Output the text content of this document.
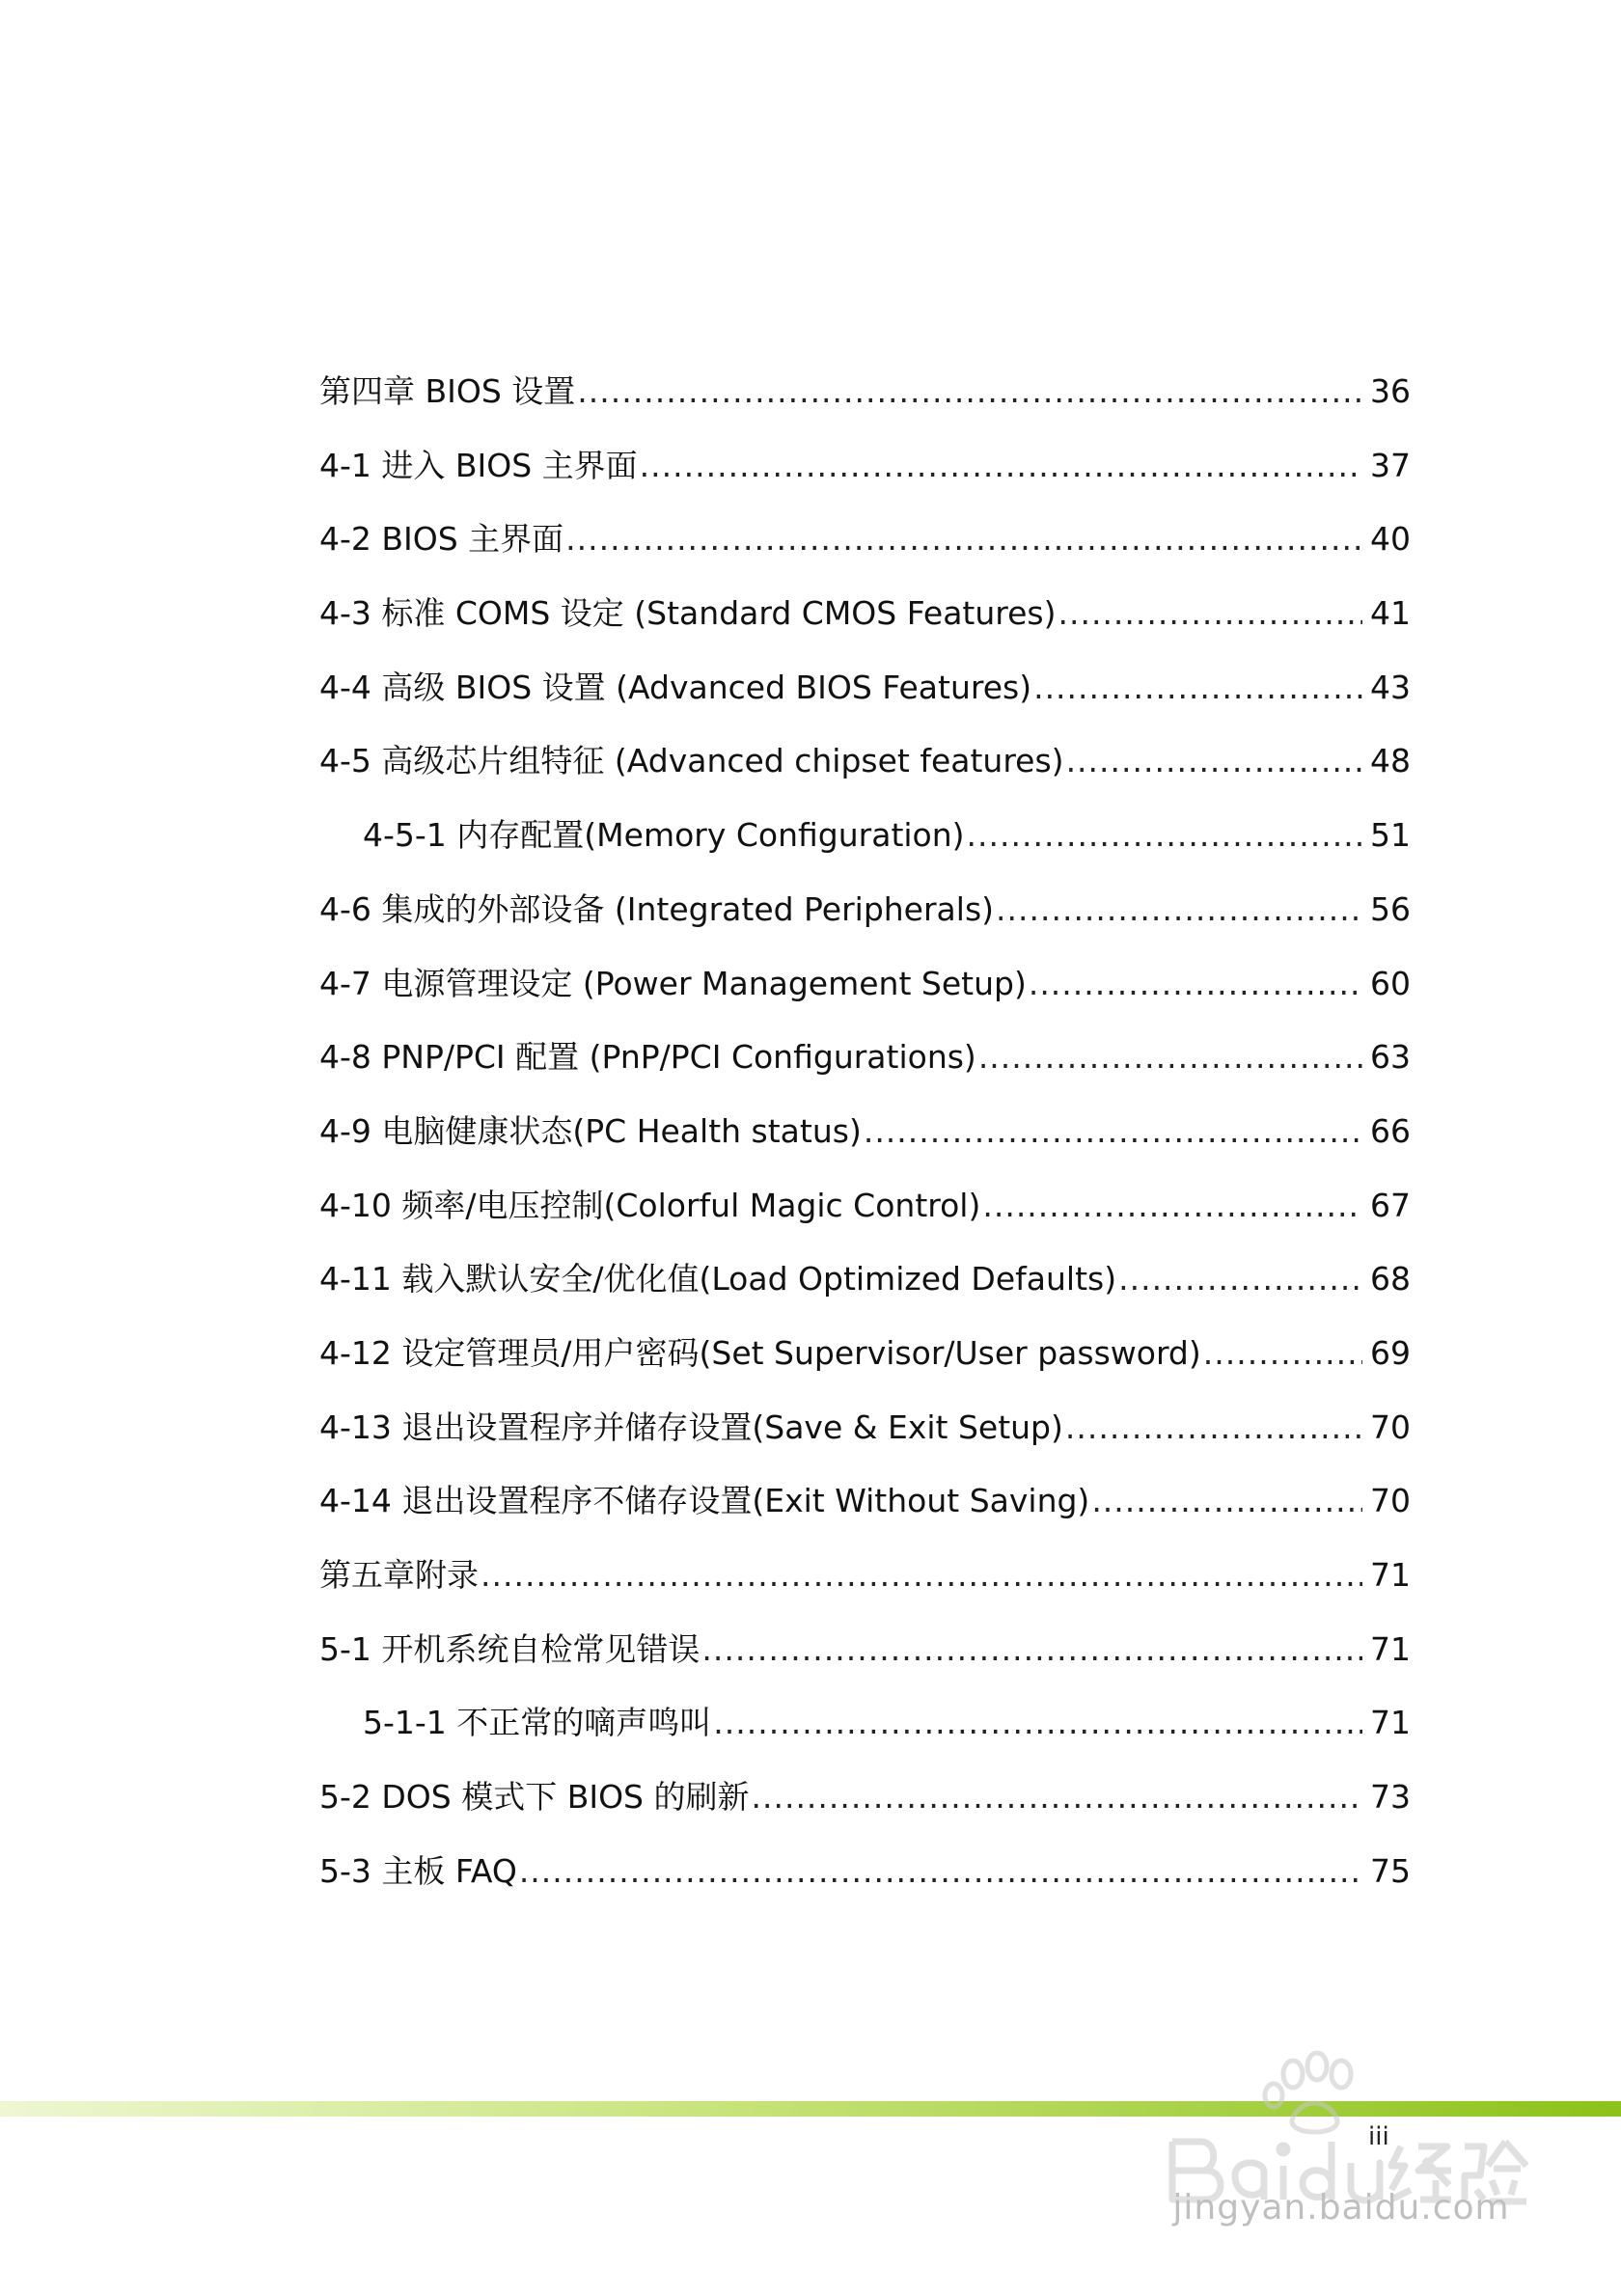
第四章 BIOS 设置 .....	36
4-1 进入 BIOS 主界面 .....	37
4-2 BIOS 主界面 .....	40
4-3 标准 COMS 设定 (Standard CMOS Features) .....	41
4-4 高级 BIOS 设置 (Advanced BIOS Features) .....	43
4-5 高级芯片组特征 (Advanced chipset features) .....	48
4-5-1 内存配置(Memory Configuration) .....	51
4-6 集成的外部设备 (Integrated Peripherals) .....	56
4-7 电源管理设定 (Power Management Setup) .....	60
4-8 PNP/PCI 配置 (PnP/PCI Configurations) .....	63
4-9 电脑健康状态(PC Health status) .....	66
4-10 频率/电压控制(Colorful Magic Control) .....	67
4-11 载入默认安全/优化值(Load Optimized Defaults) .....	68
4-12 设定管理员/用户密码(Set Supervisor/User password) .....	69
4-13 退出设置程序并储存设置(Save & Exit Setup) .....	70
4-14 退出设置程序不储存设置(Exit Without Saving) .....	70
第五章附录 .....	71
5-1 开机系统自检常见错误 .....	71
5-1-1 不正常的嘀声鸣叫 .....	71
5-2 DOS 模式下 BIOS 的刷新 .....	73
5-3 主板 FAQ .....	75
iii
jingyan.baidu.com
